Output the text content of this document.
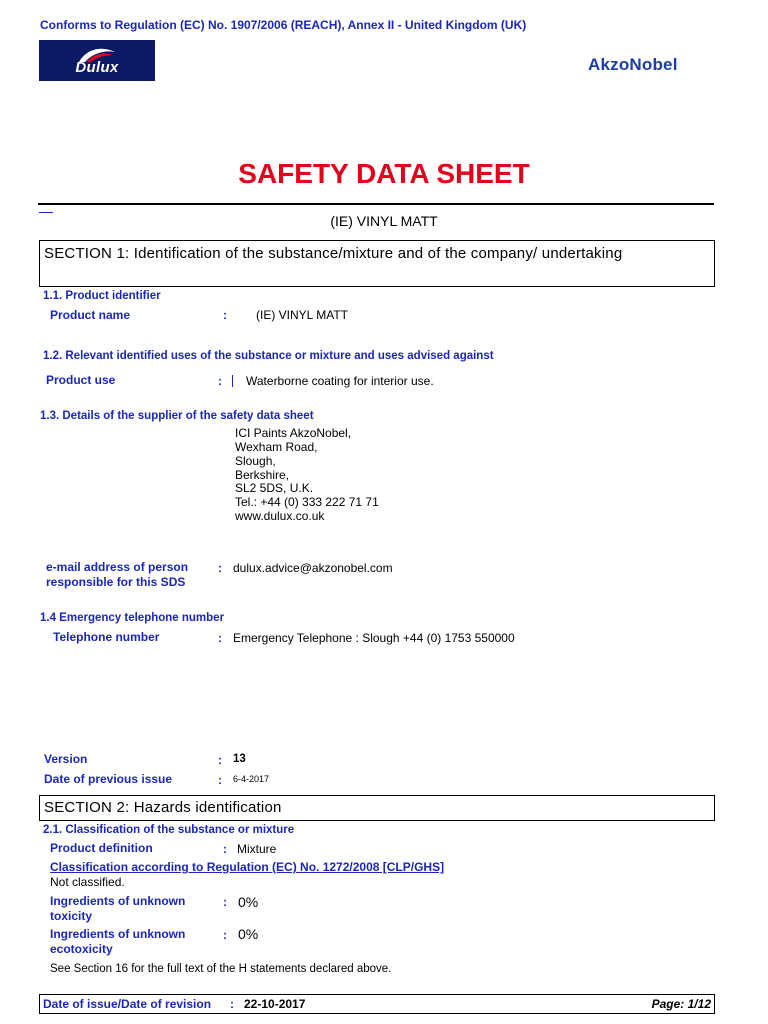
Conforms to Regulation (EC) No. 1907/2006 (REACH), Annex II - United Kingdom (UK)
Dulux	AkzoNobel
SAFETY DATA SHEET
(IE) VINYL MATT
SECTION 1: Identification of the substance/mixture and of the company/ undertaking
1.1. Product identifier
Product name	: (IE) VINYL MATT
1.2. Relevant identified uses of the substance or mixture and uses advised against
Product use	: Waterborne coating for interior use.
1.3. Details of the supplier of the safety data sheet
ICI Paints AkzoNobel,
Wexham Road,
Slough,
Berkshire,
SL2 5DS, U.K.
Tel.: +44 (0) 333 222 71 71
www.dulux.co.uk
e-mail address of person
responsible for this SDS
: dulux.advice@akzonobel.com
1.4 Emergency telephone number
Telephone number	: Emergency Telephone : Slough +44 (0) 1753 550000
Version	: 13
Date of previous issue	: 6-4-2017
SECTION 2: Hazards identification
2.1. Classification of the substance or mixture
Product definition	: Mixture
Classification according to Regulation (EC) No. 1272/2008 [CLP/GHS]
Not classified.
Ingredients of unknown
toxicity
: 0%
Ingredients of unknown
ecotoxicity
: 0%
See Section 16 for the full text of the H statements declared above.
Date of issue/Date of revision : 22-10-2017	Page: 1/12
